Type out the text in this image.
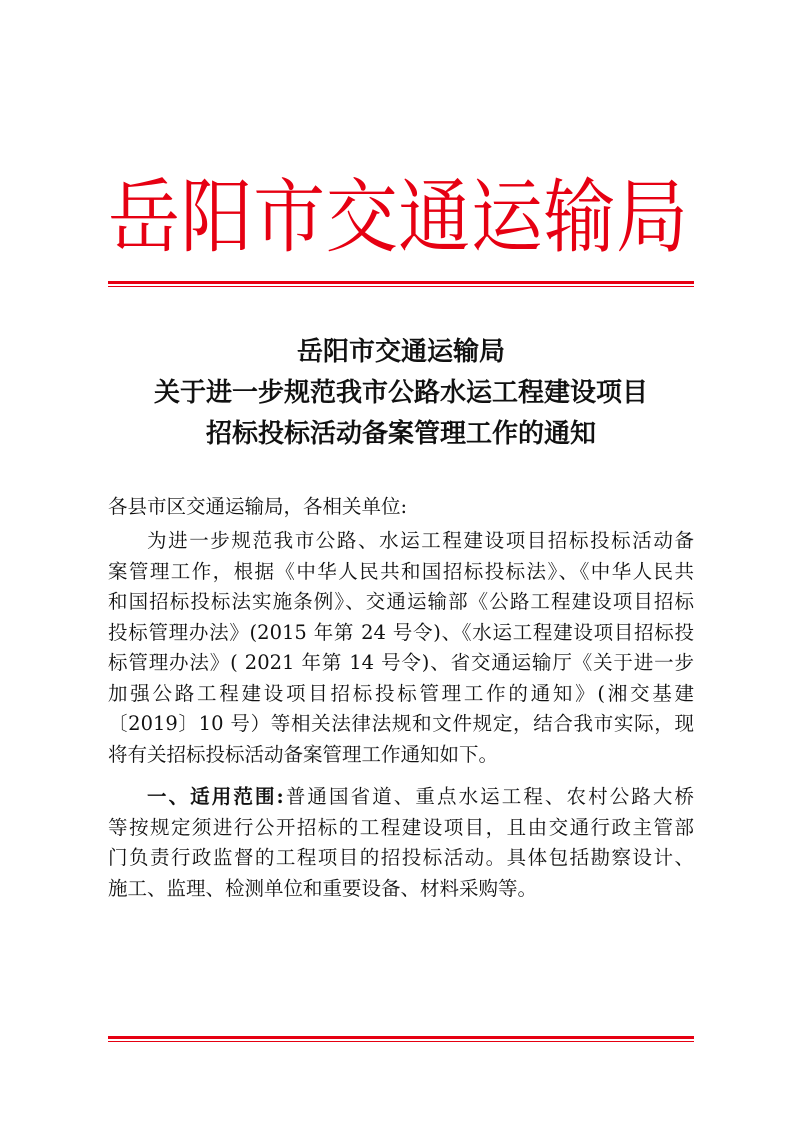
岳 阳 市 交 通 运 输 局
岳阳市交通运输局
关于进一步规范我市公路水运工程建设项目
招标投标活动备案管理工作的通知
各县市区交通运输局，各相关单位:
为进一步规范我市公路、水运工程建设项目招标投标活动备
案管理工作，根据《中华人民共和国招标投标法》、《中华人民共
和国招标投标法实施条例》、交通运输部《公路工程建设项目招标
投标管理办法》(2015 年第 24 号令)、《水运工程建设项目招标投
标管理办法》( 2021 年第 14 号令)、省交通运输厅《关于进一步
加强公路工程建设项目招标投标管理工作的通知》(湘交基建
〔2019〕10 号）等相关法律法规和文件规定，结合我市实际，现
将有关招标投标活动备案管理工作通知如下。
一、适用范围:普通国省道、重点水运工程、农村公路大桥
等按规定须进行公开招标的工程建设项目，且由交通行政主管部
门负责行政监督的工程项目的招投标活动。具体包括勘察设计、
施工、监理、检测单位和重要设备、材料采购等。
